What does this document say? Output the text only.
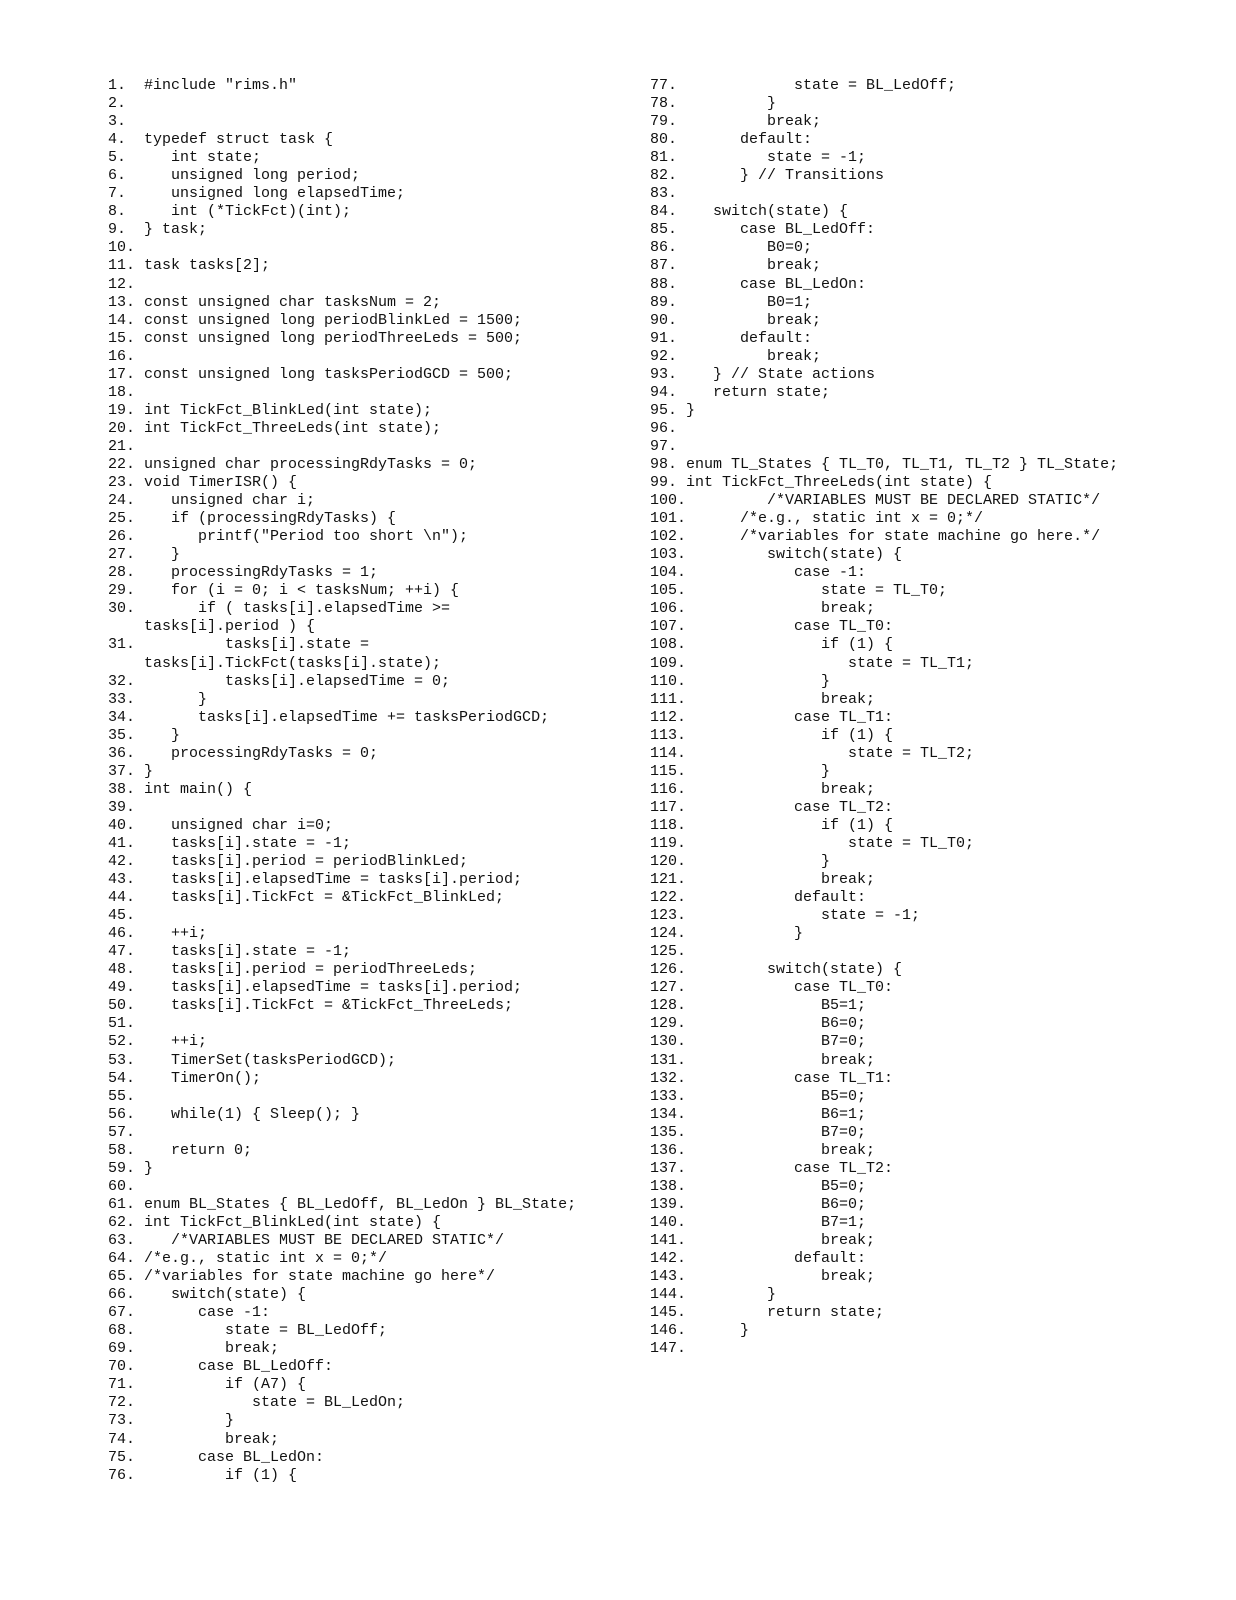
1.	#include "rims.h"
2.
3.
4.	typedef struct task {
5.	int state;
6.	unsigned long period;
7.	unsigned long elapsedTime;
8.	int (*TickFct)(int);
9.	} task;
10.
11. task tasks[2];
12.
13. const unsigned char tasksNum = 2;
14. const unsigned long periodBlinkLed = 1500;
15. const unsigned long periodThreeLeds = 500;
16.
17. const unsigned long tasksPeriodGCD = 500;
18.
19. int TickFct_BlinkLed(int state);
20. int TickFct_ThreeLeds(int state);
21.
22. unsigned char processingRdyTasks = 0;
23. void TimerISR() {
24. unsigned char i;
25. if (processingRdyTasks) {
26. printf("Period too short \n");
27. }
28. processingRdyTasks = 1;
29. for (i = 0; i < tasksNum; ++i) {
30. if ( tasks[i].elapsedTime >=
tasks[i].period ) {
31. tasks[i].state =
tasks[i].TickFct(tasks[i].state);
32. tasks[i].elapsedTime = 0;
33. }
34. tasks[i].elapsedTime += tasksPeriodGCD;
35. }
36. processingRdyTasks = 0;
37. }
38. int main() {
39.
40. unsigned char i=0;
41. tasks[i].state = -1;
42. tasks[i].period = periodBlinkLed;
43. tasks[i].elapsedTime = tasks[i].period;
44. tasks[i].TickFct = &TickFct_BlinkLed;
45.
46. ++i;
47. tasks[i].state = -1;
48. tasks[i].period = periodThreeLeds;
49. tasks[i].elapsedTime = tasks[i].period;
50. tasks[i].TickFct = &TickFct_ThreeLeds;
51.
52. ++i;
53. TimerSet(tasksPeriodGCD);
54. TimerOn();
55.
56. while(1) { Sleep(); }
57.
58. return 0;
59. }
60.
61. enum BL_States { BL_LedOff, BL_LedOn } BL_State;
62. int TickFct_BlinkLed(int state) {
63. /*VARIABLES MUST BE DECLARED STATIC*/
64. /*e.g., static int x = 0;*/
65. /*variables for state machine go here*/
66. switch(state) {
67. case -1:
68. state = BL_LedOff;
69. break;
70. case BL_LedOff:
71. if (A7) {
72. state = BL_LedOn;
73. }
74. break;
75. case BL_LedOn:
76. if (1) {
77. state = BL_LedOff;
78. }
79. break;
80. default:
81. state = -1;
82. } // Transitions
83.
84. switch(state) {
85. case BL_LedOff:
86. B0=0;
87. break;
88. case BL_LedOn:
89. B0=1;
90. break;
91. default:
92. break;
93. } // State actions
94. return state;
95. }
96.
97.
98. enum TL_States { TL_T0, TL_T1, TL_T2 } TL_State;
99. int TickFct_ThreeLeds(int state) {
100. /*VARIABLES MUST BE DECLARED STATIC*/
101. /*e.g., static int x = 0;*/
102. /*variables for state machine go here.*/
103. switch(state) {
104. case -1:
105. state = TL_T0;
106. break;
107. case TL_T0:
108. if (1) {
109. state = TL_T1;
110. }
111. break;
112. case TL_T1:
113. if (1) {
114. state = TL_T2;
115. }
116. break;
117. case TL_T2:
118. if (1) {
119. state = TL_T0;
120. }
121. break;
122. default:
123. state = -1;
124. }
125.
126. switch(state) {
127. case TL_T0:
128. B5=1;
129. B6=0;
130. B7=0;
131. break;
132. case TL_T1:
133. B5=0;
134. B6=1;
135. B7=0;
136. break;
137. case TL_T2:
138. B5=0;
139. B6=0;
140. B7=1;
141. break;
142. default:
143. break;
144. }
145. return state;
146. }
147.
